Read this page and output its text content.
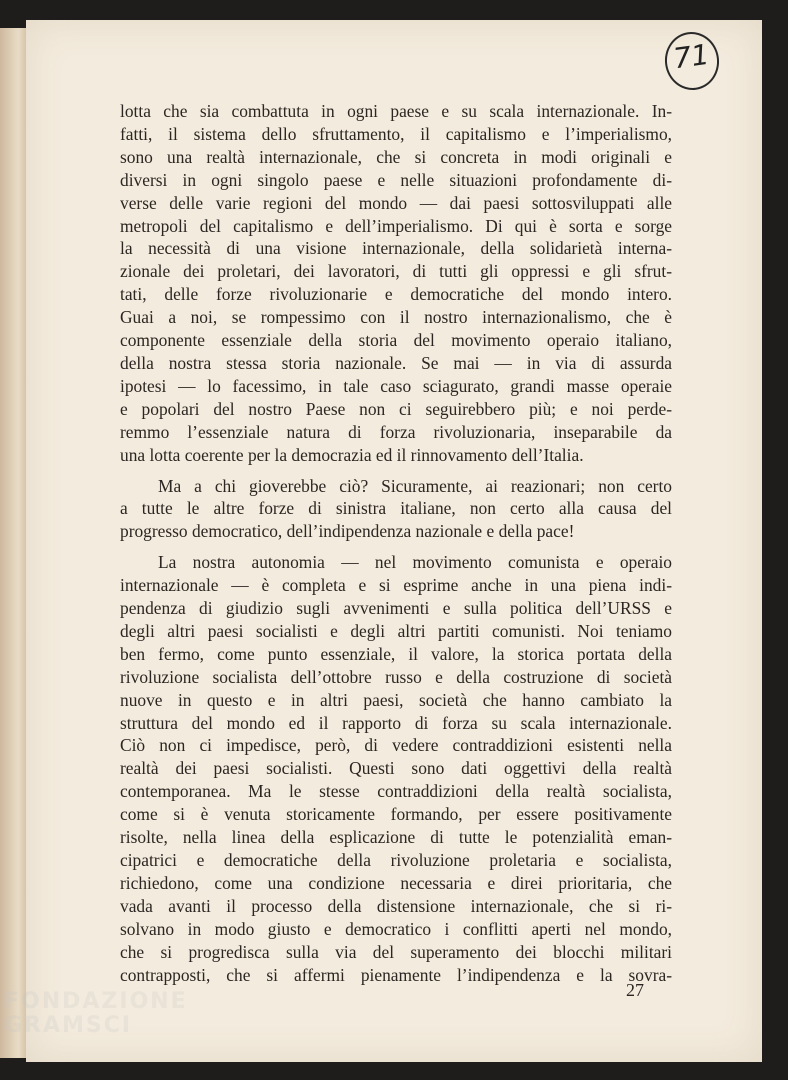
71
lotta che sia combattuta in ogni paese e su scala internazionale. In-
fatti, il sistema dello sfruttamento, il capitalismo e l’imperialismo,
sono una realtà internazionale, che si concreta in modi originali e
diversi in ogni singolo paese e nelle situazioni profondamente di-
verse delle varie regioni del mondo — dai paesi sottosviluppati alle
metropoli del capitalismo e dell’imperialismo. Di qui è sorta e sorge
la necessità di una visione internazionale, della solidarietà interna-
zionale dei proletari, dei lavoratori, di tutti gli oppressi e gli sfrut-
tati, delle forze rivoluzionarie e democratiche del mondo intero.
Guai a noi, se rompessimo con il nostro internazionalismo, che è
componente essenziale della storia del movimento operaio italiano,
della nostra stessa storia nazionale. Se mai — in via di assurda
ipotesi — lo facessimo, in tale caso sciagurato, grandi masse operaie
e popolari del nostro Paese non ci seguirebbero più; e noi perde-
remmo l’essenziale natura di forza rivoluzionaria, inseparabile da
una lotta coerente per la democrazia ed il rinnovamento dell’Italia.
Ma a chi gioverebbe ciò? Sicuramente, ai reazionari; non certo
a tutte le altre forze di sinistra italiane, non certo alla causa del
progresso democratico, dell’indipendenza nazionale e della pace!
La nostra autonomia — nel movimento comunista e operaio
internazionale — è completa e si esprime anche in una piena indi-
pendenza di giudizio sugli avvenimenti e sulla politica dell’URSS e
degli altri paesi socialisti e degli altri partiti comunisti. Noi teniamo
ben fermo, come punto essenziale, il valore, la storica portata della
rivoluzione socialista dell’ottobre russo e della costruzione di società
nuove in questo e in altri paesi, società che hanno cambiato la
struttura del mondo ed il rapporto di forza su scala internazionale.
Ciò non ci impedisce, però, di vedere contraddizioni esistenti nella
realtà dei paesi socialisti. Questi sono dati oggettivi della realtà
contemporanea. Ma le stesse contraddizioni della realtà socialista,
come si è venuta storicamente formando, per essere positivamente
risolte, nella linea della esplicazione di tutte le potenzialità eman-
cipatrici e democratiche della rivoluzione proletaria e socialista,
richiedono, come una condizione necessaria e direi prioritaria, che
vada avanti il processo della distensione internazionale, che si ri-
solvano in modo giusto e democratico i conflitti aperti nel mondo,
che si progredisca sulla via del superamento dei blocchi militari
contrapposti, che si affermi pienamente l’indipendenza e la sovra-
27
FONDAZIONE
GRAMSCI
